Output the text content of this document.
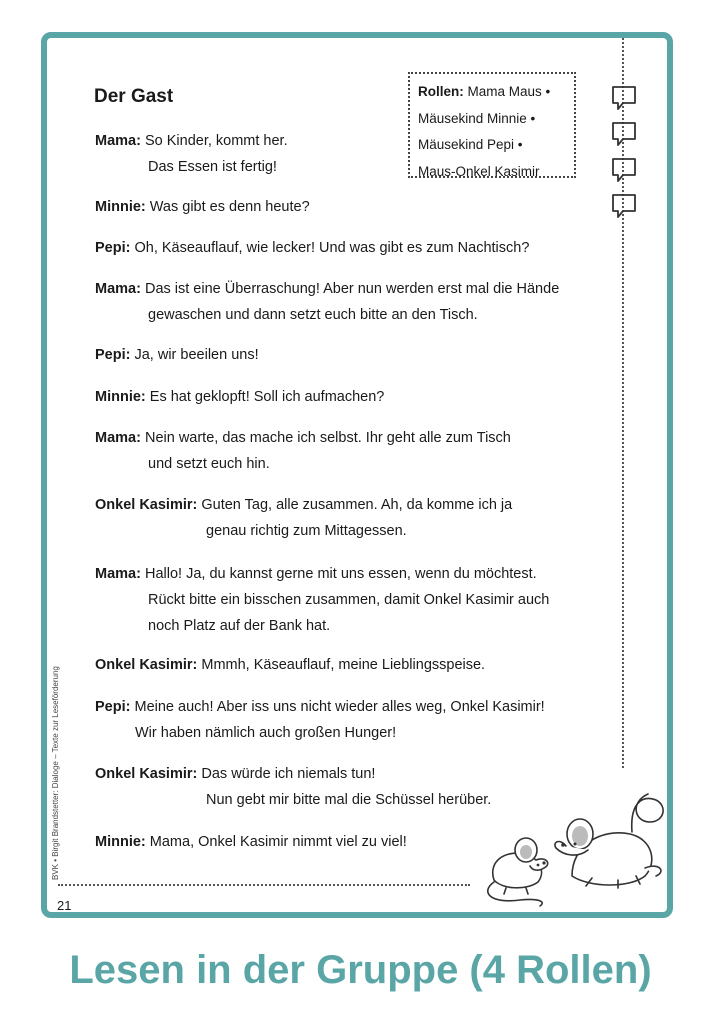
Der Gast	Rollen: Mama Maus •
Mäusekind Minnie •
Mäusekind Pepi •
Maus-Onkel Kasimir
Mama: So Kinder, kommt her.
Das Essen ist fertig!
Minnie: Was gibt es denn heute?
Pepi: Oh, Käseauflauf, wie lecker! Und was gibt es zum Nachtisch?
Mama: Das ist eine Überraschung! Aber nun werden erst mal die Hände
gewaschen und dann setzt euch bitte an den Tisch.
Pepi: Ja, wir beeilen uns!
Minnie: Es hat geklopft! Soll ich aufmachen?
Mama: Nein warte, das mache ich selbst. Ihr geht alle zum Tisch
und setzt euch hin.
Onkel Kasimir: Guten Tag, alle zusammen. Ah, da komme ich ja
genau richtig zum Mittagessen.
Mama: Hallo! Ja, du kannst gerne mit uns essen, wenn du möchtest.
Rückt bitte ein bisschen zusammen, damit Onkel Kasimir auch
noch Platz auf der Bank hat.
Onkel Kasimir: Mmmh, Käseauflauf, meine Lieblingsspeise.
Pepi: Meine auch! Aber iss uns nicht wieder alles weg, Onkel Kasimir!
Wir haben nämlich auch großen Hunger!
Onkel Kasimir: Das würde ich niemals tun!
Nun gebt mir bitte mal die Schüssel herüber.
Minnie: Mama, Onkel Kasimir nimmt viel zu viel!
BVK • Birgit Brandstetter: Dialoge – Texte zur Leseförderung
21
Lesen in der Gruppe (4 Rollen)
